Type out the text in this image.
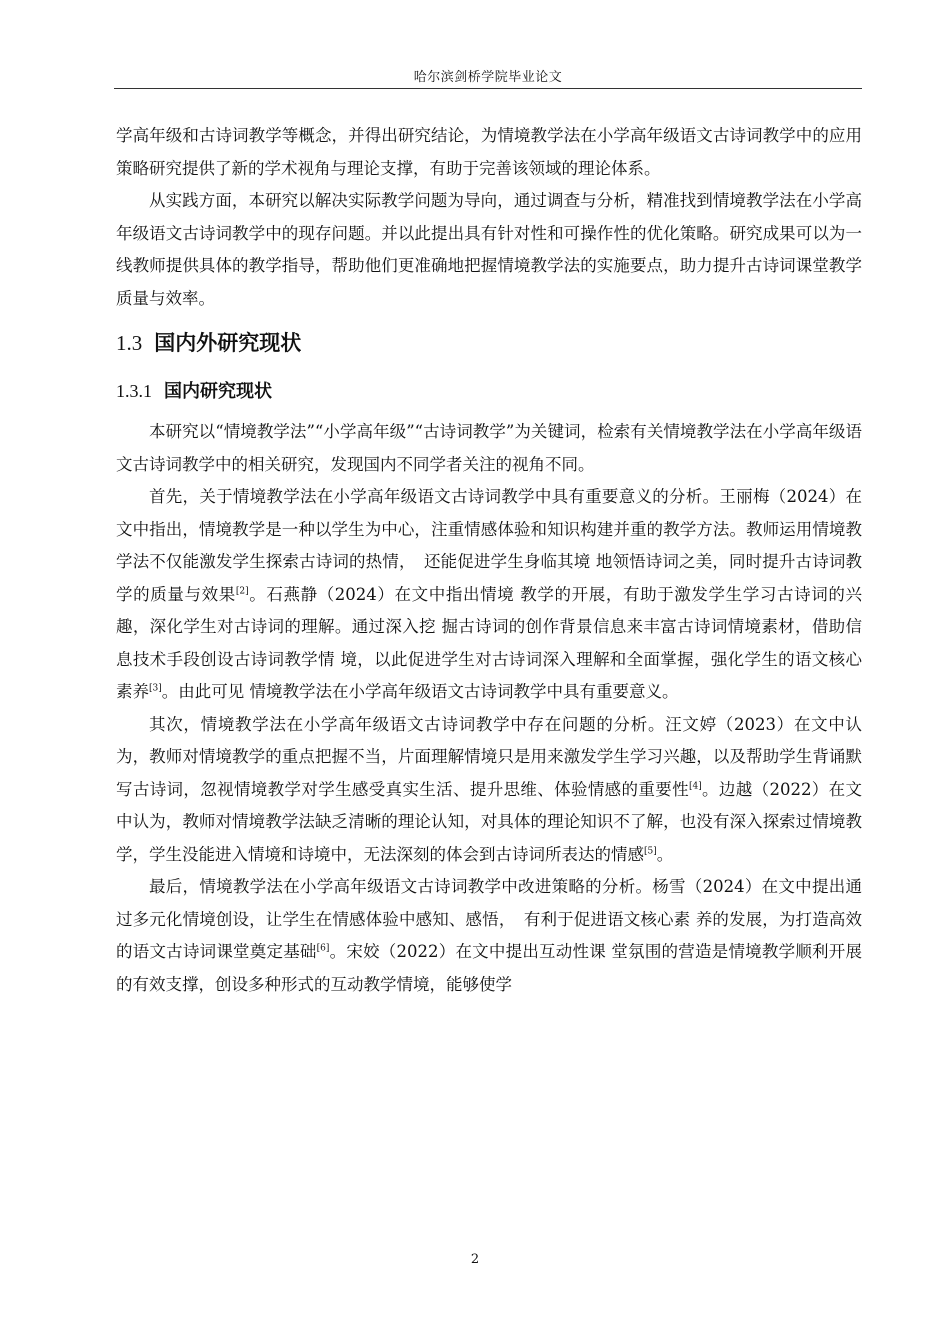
哈尔滨剑桥学院毕业论文

学高年级和古诗词教学等概念，并得出研究结论，为情境教学法在小学高年级语文古诗词教学中的应用策略研究提供了新的学术视角与理论支撑，有助于完善该领域的理论体系。

从实践方面，本研究以解决实际教学问题为导向，通过调查与分析，精准找到情境教学法在小学高年级语文古诗词教学中的现存问题。并以此提出具有针对性和可操作性的优化策略。研究成果可以为一线教师提供具体的教学指导，帮助他们更准确地把握情境教学法的实施要点，助力提升古诗词课堂教学质量与效率。

1.3 国内外研究现状
1.3.1 国内研究现状

本研究以“情境教学法”“小学高年级”“古诗词教学”为关键词，检索有关情境教学法在小学高年级语文古诗词教学中的相关研究，发现国内不同学者关注的视角不同。

首先，关于情境教学法在小学高年级语文古诗词教学中具有重要意义的分析。王丽梅（2024）在文中指出，情境教学是一种以学生为中心，注重情感体验和知识构建并重的教学方法。教师运用情境教学法不仅能激发学生探索古诗词的热情，　还能促进学生身临其境 地领悟诗词之美，同时提升古诗词教学的质量与效果[2]。石燕静（2024）在文中指出情境 教学的开展，有助于激发学生学习古诗词的兴趣，深化学生对古诗词的理解。通过深入挖 掘古诗词的创作背景信息来丰富古诗词情境素材，借助信息技术手段创设古诗词教学情 境，以此促进学生对古诗词深入理解和全面掌握，强化学生的语文核心素养[3]。由此可见 情境教学法在小学高年级语文古诗词教学中具有重要意义。

其次，情境教学法在小学高年级语文古诗词教学中存在问题的分析。汪文婷（2023）在文中认为，教师对情境教学的重点把握不当，片面理解情境只是用来激发学生学习兴趣，以及帮助学生背诵默写古诗词，忽视情境教学对学生感受真实生活、提升思维、体验情感的重要性[4]。边越（2022）在文中认为，教师对情境教学法缺乏清晰的理论认知，对具体的理论知识不了解，也没有深入探索过情境教学，学生没能进入情境和诗境中，无法深刻的体会到古诗词所表达的情感[5]。

最后，情境教学法在小学高年级语文古诗词教学中改进策略的分析。杨雪（2024）在文中提出通过多元化情境创设，让学生在情感体验中感知、感悟，　有利于促进语文核心素 养的发展，为打造高效的语文古诗词课堂奠定基础[6]。宋姣（2022）在文中提出互动性课 堂氛围的营造是情境教学顺利开展的有效支撑，创设多种形式的互动教学情境，能够使学

2
